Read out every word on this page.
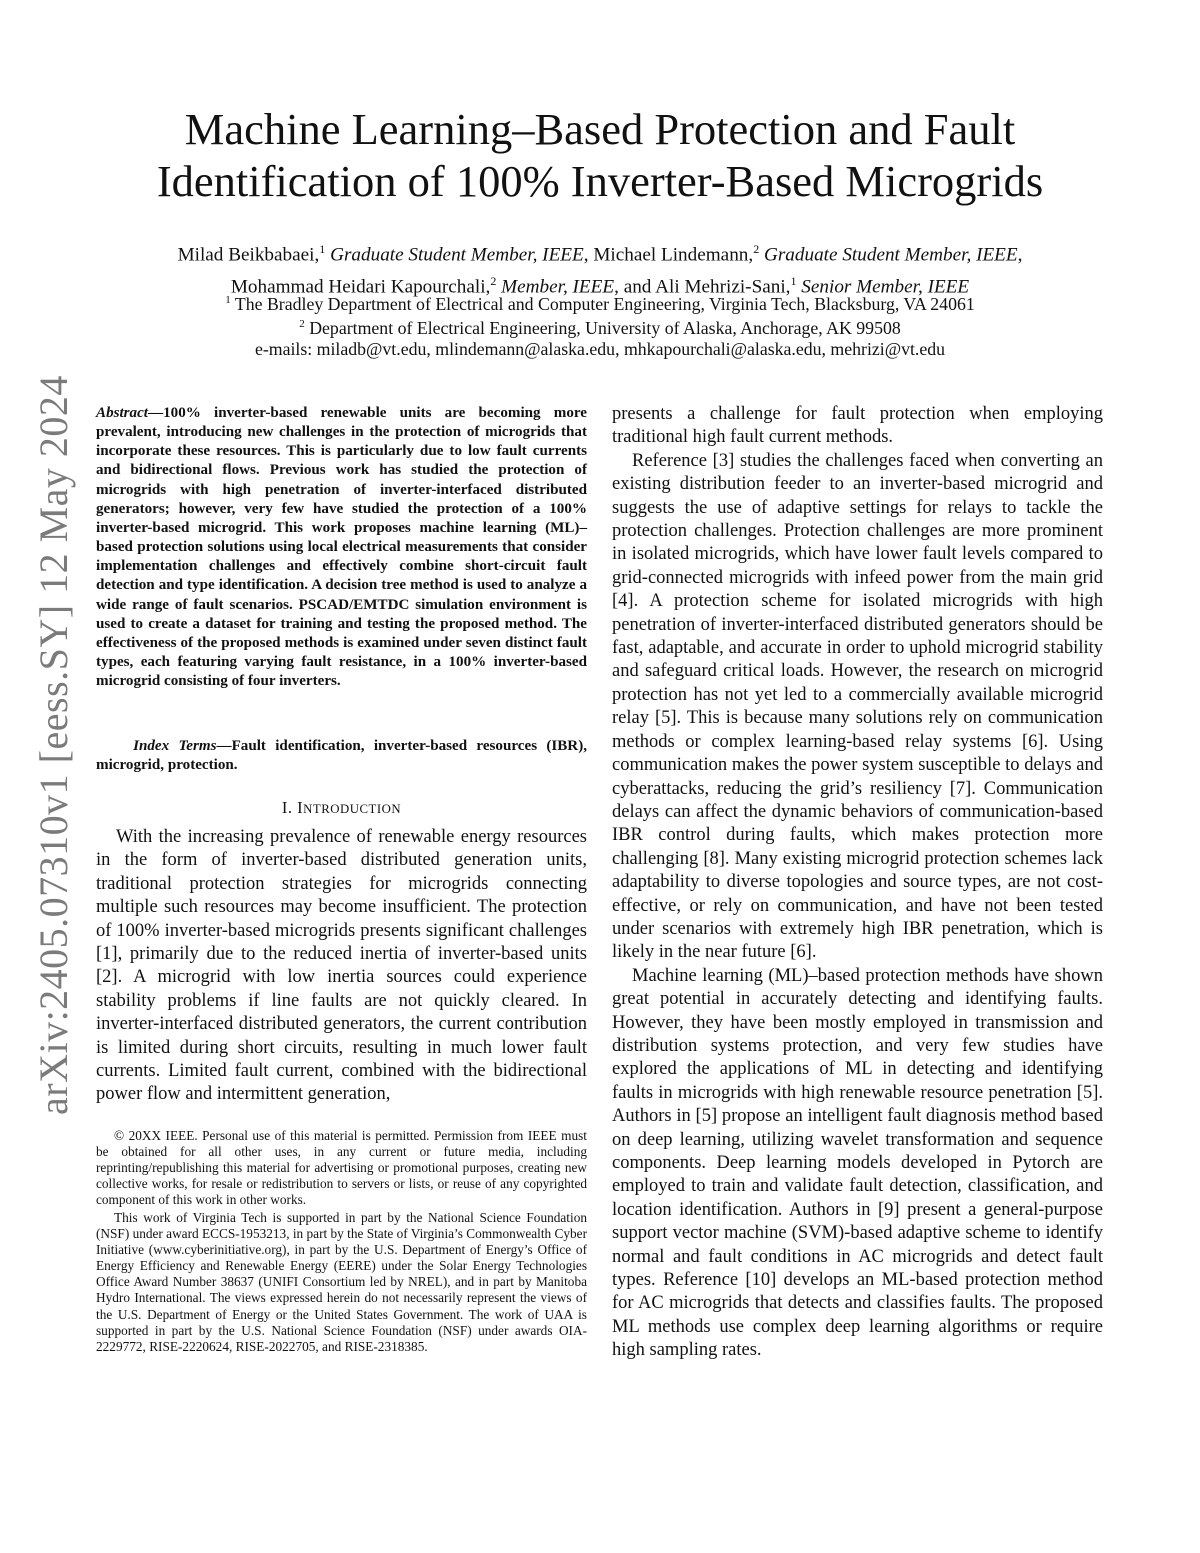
arXiv:2405.07310v1 [eess.SY] 12 May 2024
Machine Learning–Based Protection and Fault
Identification of 100% Inverter-Based Microgrids
Milad Beikbabaei,$^1$ Graduate Student Member, IEEE, Michael Lindemann,$^2$ Graduate Student Member, IEEE,
Mohammad Heidari Kapourchali,$^2$ Member, IEEE, and Ali Mehrizi-Sani,$^1$ Senior Member, IEEE
$^1$ The Bradley Department of Electrical and Computer Engineering, Virginia Tech, Blacksburg, VA 24061
$^2$ Department of Electrical Engineering, University of Alaska, Anchorage, AK 99508
e-mails: miladb@vt.edu, mlindemann@alaska.edu, mhkapourchali@alaska.edu, mehrizi@vt.edu
Abstract—100% inverter-based renewable units are becoming more prevalent, introducing new challenges in the protection of microgrids that incorporate these resources. This is particularly due to low fault currents and bidirectional flows. Previous work has studied the protection of microgrids with high penetration of inverter-interfaced distributed generators; however, very few have studied the protection of a 100% inverter-based microgrid. This work proposes machine learning (ML)–based protection solutions using local electrical measurements that consider implementation challenges and effectively combine short-circuit fault detection and type identification. A decision tree method is used to analyze a wide range of fault scenarios. PSCAD/EMTDC simulation environment is used to create a dataset for training and testing the proposed method. The effectiveness of the proposed methods is examined under seven distinct fault types, each featuring varying fault resistance, in a 100% inverter-based microgrid consisting of four inverters.
Index Terms—Fault identification, inverter-based resources (IBR), microgrid, protection.
I. INTRODUCTION

With the increasing prevalence of renewable energy resources in the form of inverter-based distributed generation units, traditional protection strategies for microgrids connecting multiple such resources may become insufficient. The protection of 100% inverter-based microgrids presents significant challenges [1], primarily due to the reduced inertia of inverter-based units [2]. A microgrid with low inertia sources could experience stability problems if line faults are not quickly cleared. In inverter-interfaced distributed generators, the current contribution is limited during short circuits, resulting in much lower fault currents. Limited fault current, combined with the bidirectional power flow and intermittent generation,

© 20XX IEEE. Personal use of this material is permitted. Permission from IEEE must be obtained for all other uses, in any current or future media, including reprinting/republishing this material for advertising or promotional purposes, creating new collective works, for resale or redistribution to servers or lists, or reuse of any copyrighted component of this work in other works.

This work of Virginia Tech is supported in part by the National Science Foundation (NSF) under award ECCS-1953213, in part by the State of Virginia’s Commonwealth Cyber Initiative (www.cyberinitiative.org), in part by the U.S. Department of Energy’s Office of Energy Efficiency and Renewable Energy (EERE) under the Solar Energy Technologies Office Award Number 38637 (UNIFI Consortium led by NREL), and in part by Manitoba Hydro International. The views expressed herein do not necessarily represent the views of the U.S. Department of Energy or the United States Government. The work of UAA is supported in part by the U.S. National Science Foundation (NSF) under awards OIA-2229772, RISE-2220624, RISE-2022705, and RISE-2318385.

presents a challenge for fault protection when employing traditional high fault current methods.

Reference [3] studies the challenges faced when converting an existing distribution feeder to an inverter-based microgrid and suggests the use of adaptive settings for relays to tackle the protection challenges. Protection challenges are more prominent in isolated microgrids, which have lower fault levels compared to grid-connected microgrids with infeed power from the main grid [4]. A protection scheme for isolated microgrids with high penetration of inverter-interfaced distributed generators should be fast, adaptable, and accurate in order to uphold microgrid stability and safeguard critical loads. However, the research on microgrid protection has not yet led to a commercially available microgrid relay [5]. This is because many solutions rely on communication methods or complex learning-based relay systems [6]. Using communication makes the power system susceptible to delays and cyberattacks, reducing the grid’s resiliency [7]. Communication delays can affect the dynamic behaviors of communication-based IBR control during faults, which makes protection more challenging [8]. Many existing microgrid protection schemes lack adaptability to diverse topologies and source types, are not cost-effective, or rely on communication, and have not been tested under scenarios with extremely high IBR penetration, which is likely in the near future [6].

Machine learning (ML)–based protection methods have shown great potential in accurately detecting and identifying faults. However, they have been mostly employed in transmission and distribution systems protection, and very few studies have explored the applications of ML in detecting and identifying faults in microgrids with high renewable resource penetration [5]. Authors in [5] propose an intelligent fault diagnosis method based on deep learning, utilizing wavelet transformation and sequence components. Deep learning models developed in Pytorch are employed to train and validate fault detection, classification, and location identification. Authors in [9] present a general-purpose support vector machine (SVM)-based adaptive scheme to identify normal and fault conditions in AC microgrids and detect fault types. Reference [10] develops an ML-based protection method for AC microgrids that detects and classifies faults. The proposed ML methods use complex deep learning algorithms or require high sampling rates.
